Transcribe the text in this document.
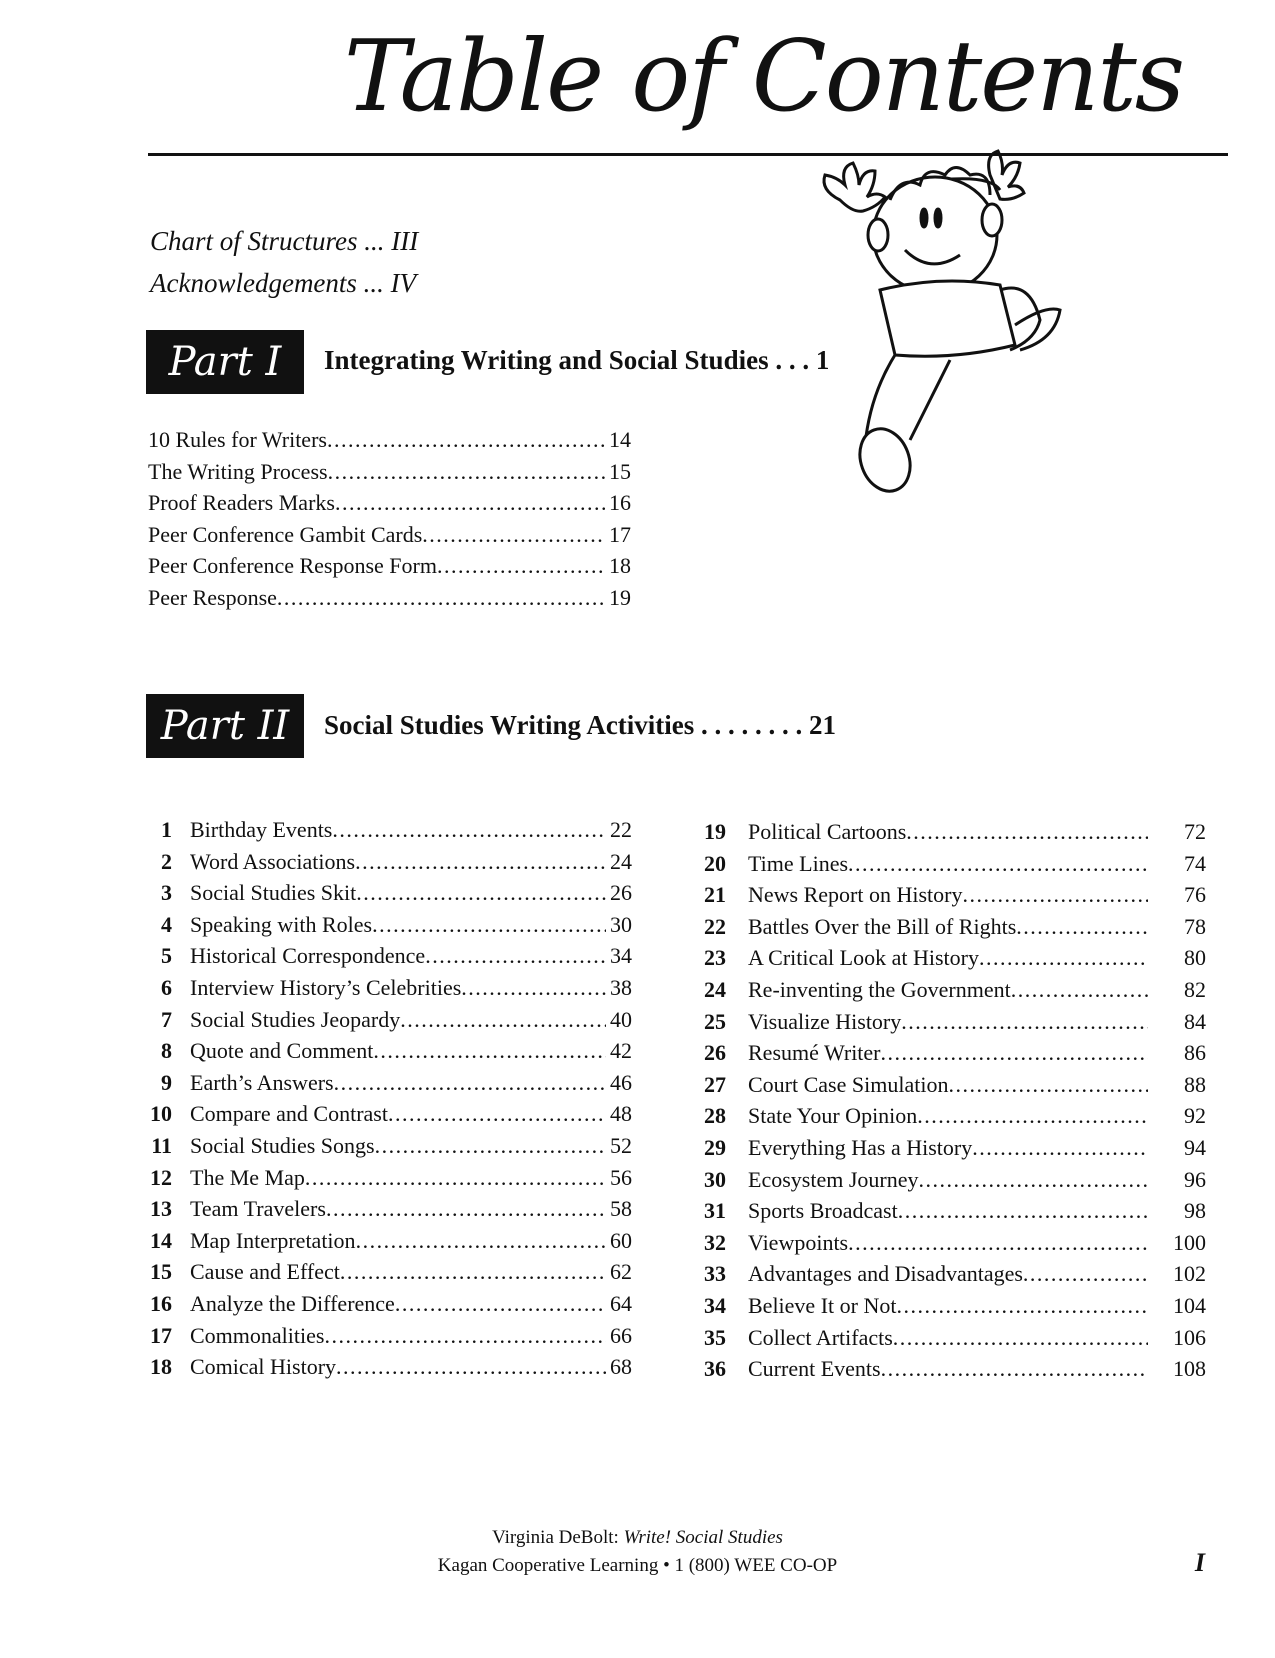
Table of Contents
Chart of Structures ... III
Acknowledgements ... IV
Part I	Integrating Writing and Social Studies . . . 1
10 Rules for Writers . . .	14
The Writing Process . . .	15
Proof Readers Marks . . .	16
Peer Conference Gambit Cards . . .	17
Peer Conference Response Form . . .	18
Peer Response . . .	19
Part II	Social Studies Writing Activities . . . . . . . . 21
1 Birthday Events . . .	22
2 Word Associations . . .	24
3 Social Studies Skit . . .	26
4 Speaking with Roles . . .	30
5 Historical Correspondence . . .	34
6 Interview History’s Celebrities . . .	38
7 Social Studies Jeopardy . . .	40
8 Quote and Comment . . .	42
9 Earth’s Answers . . .	46
10 Compare and Contrast . . .	48
11 Social Studies Songs . . .	52
12 The Me Map . . .	56
13 Team Travelers . . .	58
14 Map Interpretation . . .	60
15 Cause and Effect . . .	62
16 Analyze the Difference . . .	64
17 Commonalities . . .	66
18 Comical History . . .	68
19 Political Cartoons . . .	72
20 Time Lines . . .	74
21 News Report on History . . .	76
22 Battles Over the Bill of Rights . . .	78
23 A Critical Look at History . . .	80
24 Re-inventing the Government . . .	82
25 Visualize History . . .	84
26 Resumé Writer . . .	86
27 Court Case Simulation . . .	88
28 State Your Opinion . . .	92
29 Everything Has a History . . .	94
30 Ecosystem Journey . . .	96
31 Sports Broadcast . . .	98
32 Viewpoints . . .	100
33 Advantages and Disadvantages . . .	102
34 Believe It or Not . . .	104
35 Collect Artifacts . . .	106
36 Current Events . . .	108
Virginia DeBolt: Write! Social Studies
Kagan Cooperative Learning • 1 (800) WEE CO-OP	I
